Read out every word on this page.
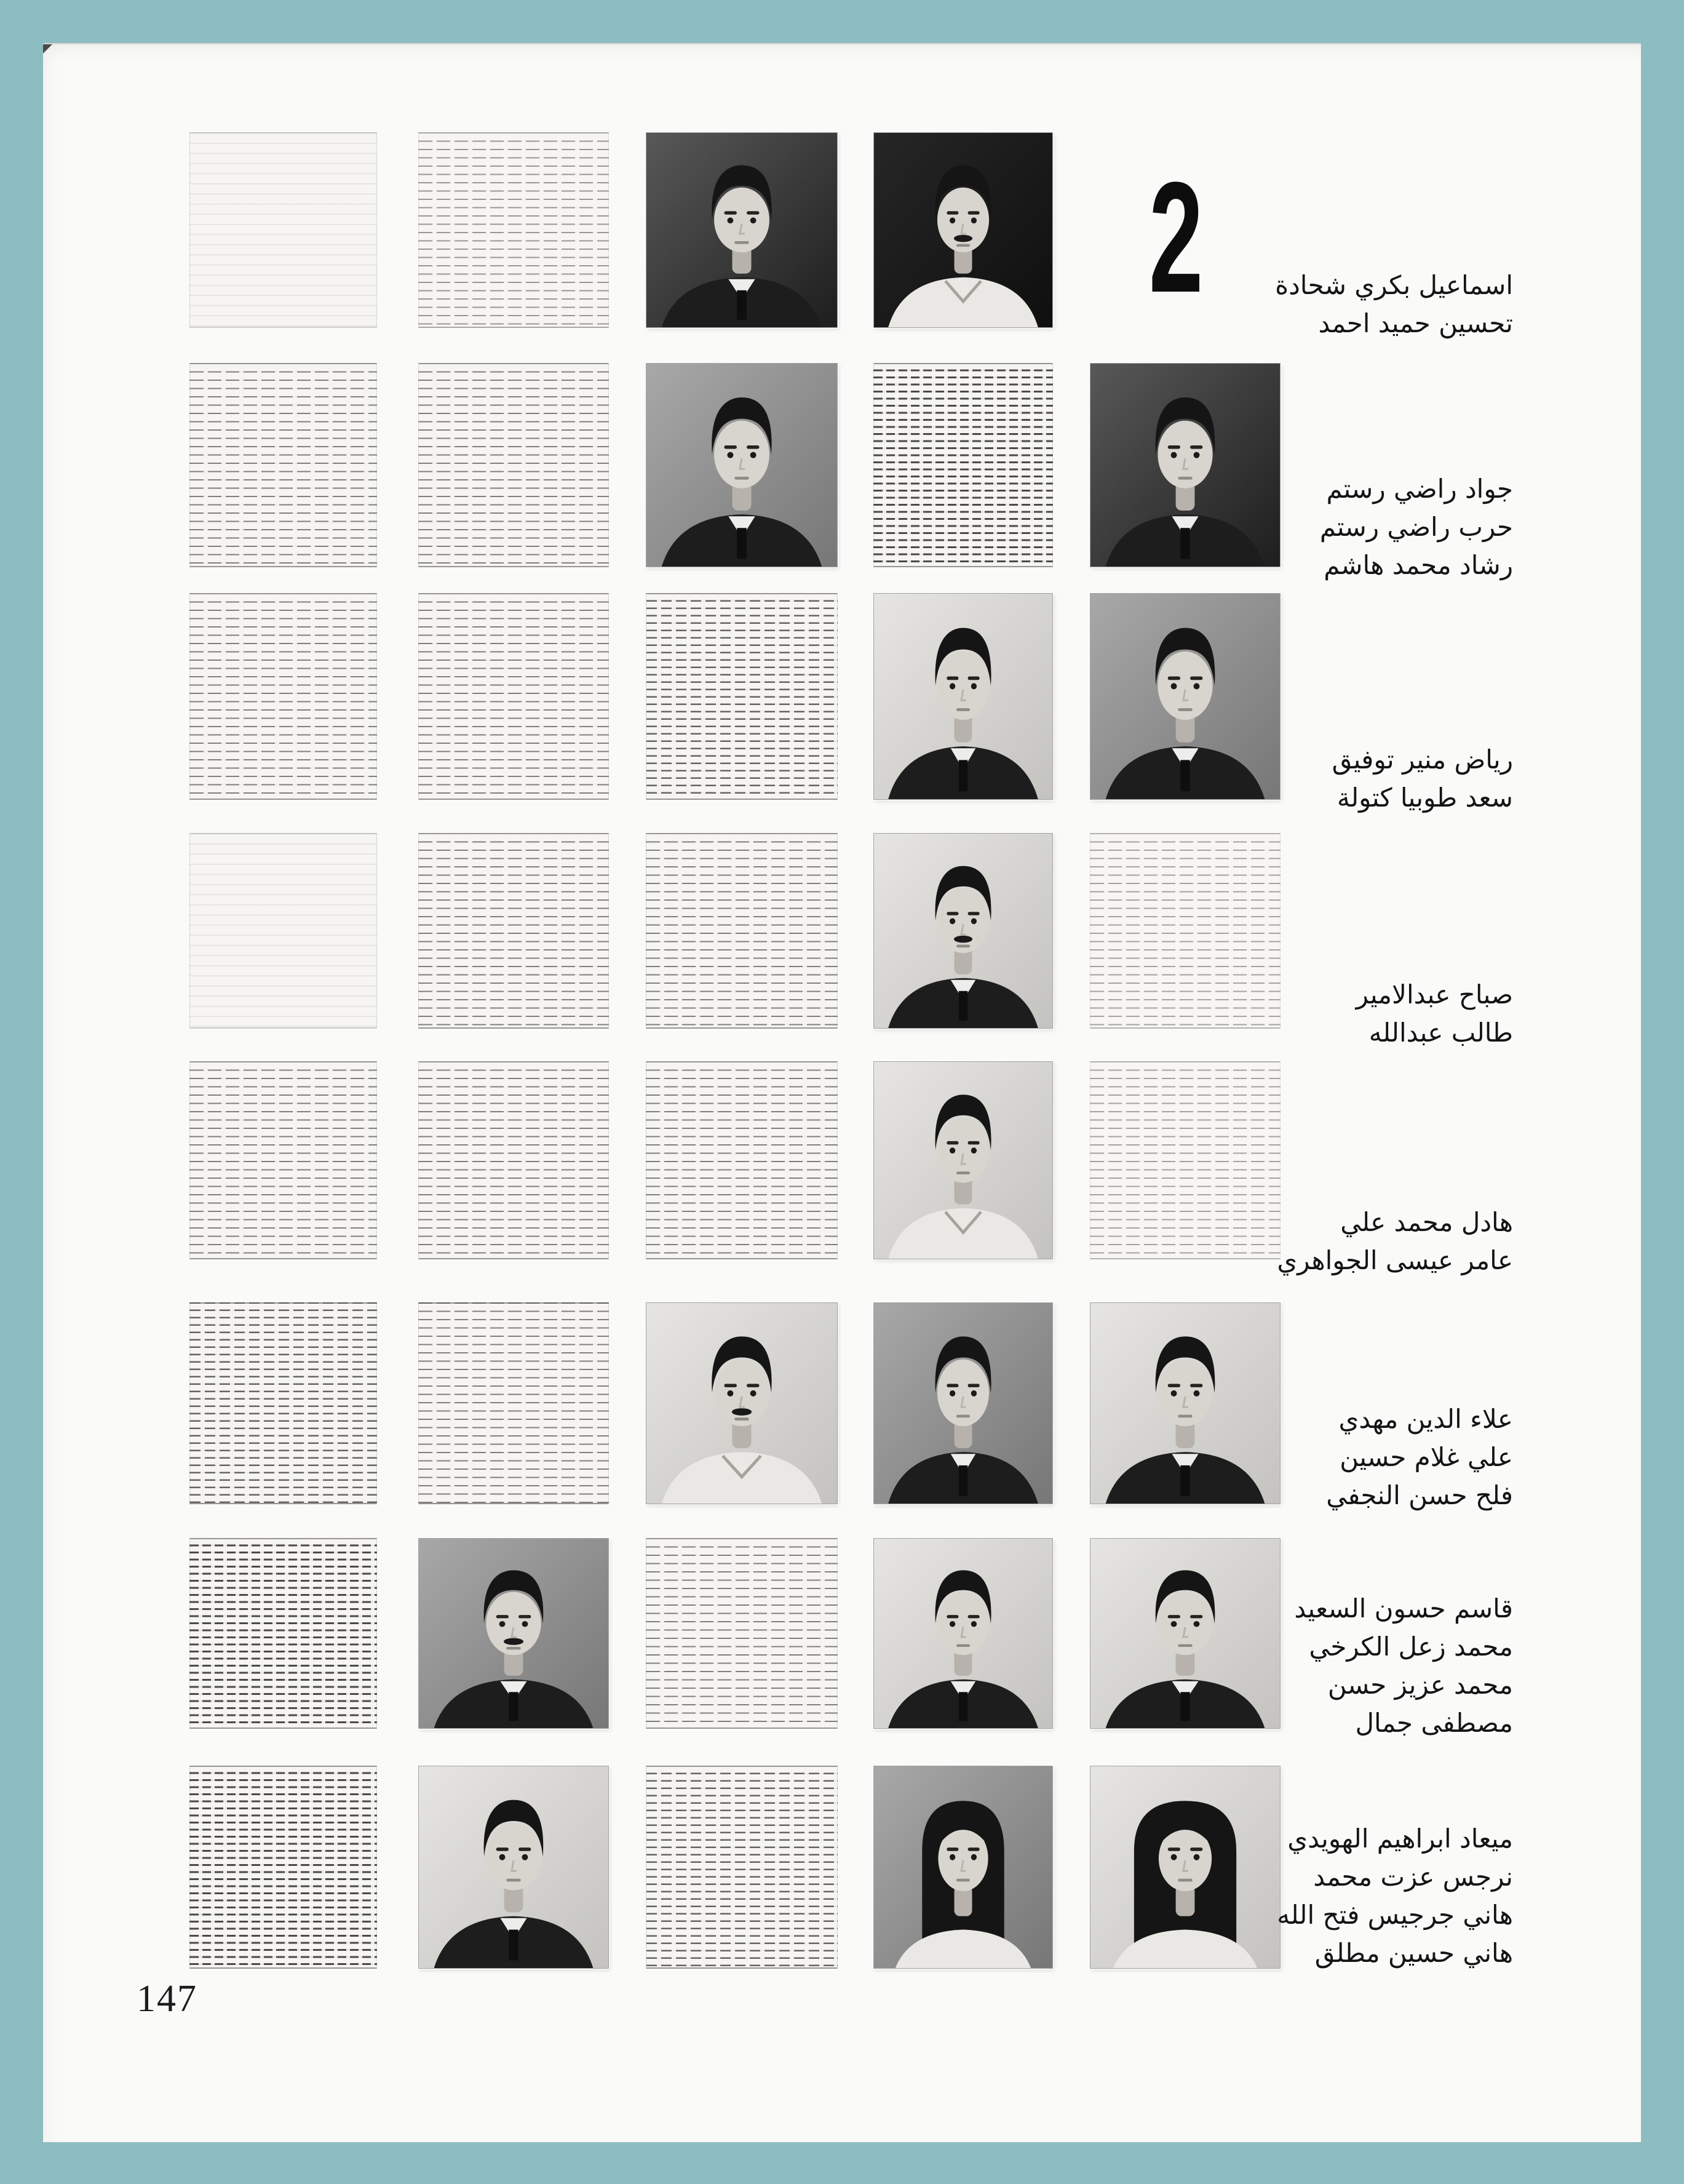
اسماعيل بكري شحادة
تحسين حميد احمد
جواد راضي رستم
حرب راضي رستم
رشاد محمد هاشم
رياض منير توفيق
سعد طوبيا كتولة
صباح عبدالامير
طالب عبدالله
هادل محمد علي
عامر عيسى الجواهري
علاء الدين مهدي
علي غلام حسين
فلح حسن النجفي
قاسم حسون السعيد
محمد زعل الكرخي
محمد عزيز حسن
مصطفى جمال
ميعاد ابراهيم الهويدي
نرجس عزت محمد
هاني جرجيس فتح الله
هاني حسين مطلق
2
147
